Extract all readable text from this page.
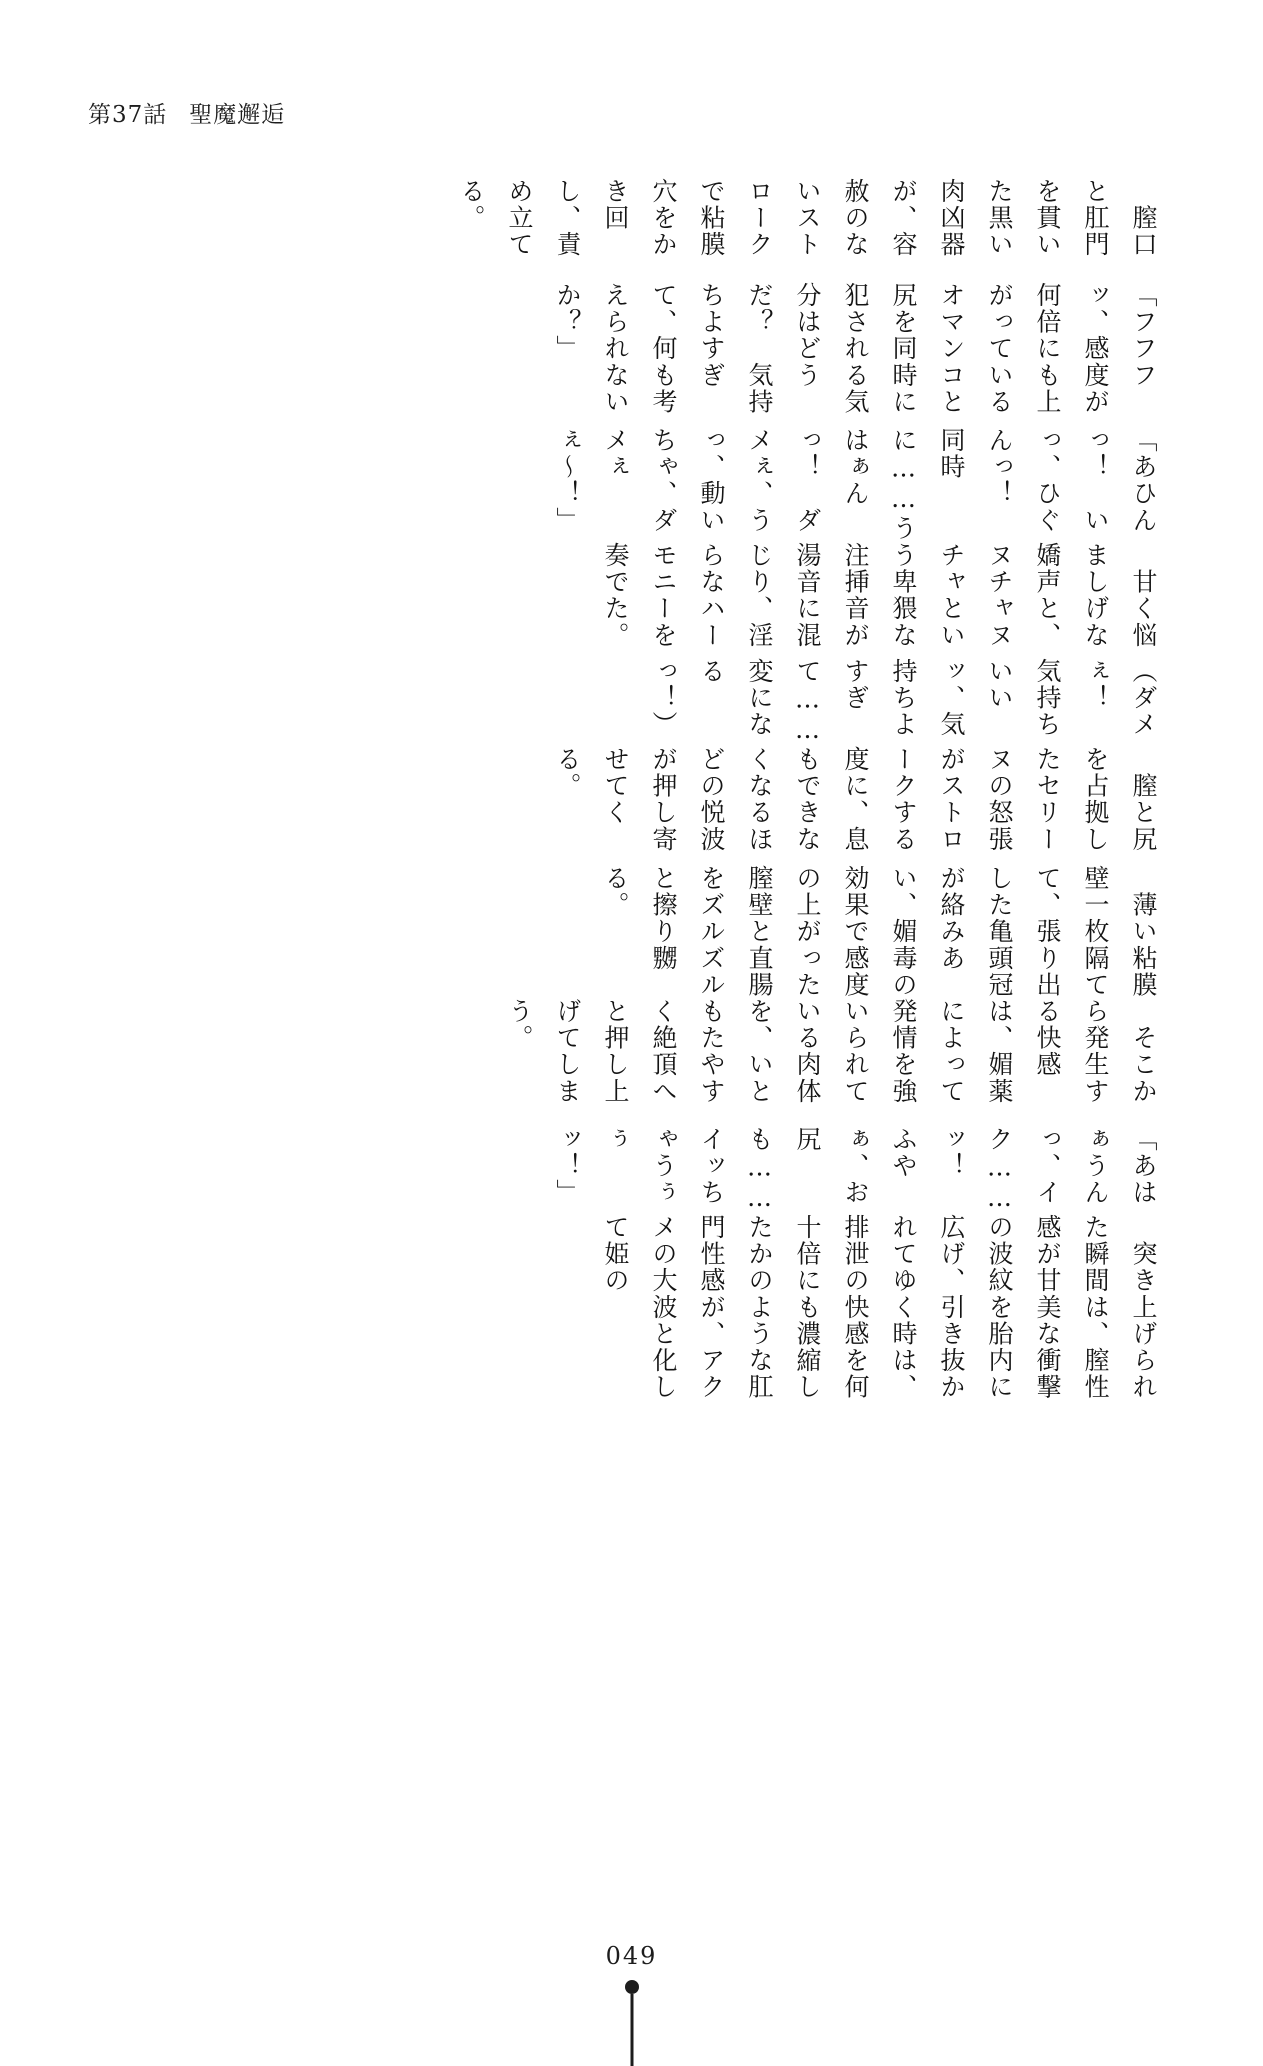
第37話 聖魔邂逅

　膣口と肛門を貫いた黒い肉凶器が、容赦のないストロークで粘膜穴をかき回し、責め立てる。

「フフフッ、感度が何倍にも上がっているオマンコと尻を同時に犯される気分はどうだ？　気持ちよすぎて、何も考えられないか？」

「あひんっ！　いっ、ひぐんっ！　同時に……うはぁんっ！　ダメぇ、うっ、動いちゃ、ダメぇぇ〜！」

　甘く悩ましげな嬌声と、ヌチャヌチャという卑猥な注挿音が湯音に混じり、淫らなハーモニーを奏でた。

（ダメぇ！　気持ちいいッ、気持ちよすぎて……変になるっ！）

　膣と尻を占拠したセリーヌの怒張がストロークする度に、息もできなくなるほどの悦波が押し寄せてくる。

　薄い粘膜壁一枚隔てて、張り出した亀頭冠が絡みあい、媚毒の効果で感度の上がった膣壁と直腸をズルズルと擦り嬲る。

　そこから発生する快感は、媚薬によって発情を強いられている肉体を、いともたやすく絶頂へと押し上げてしまう。

「あはぁうんっ、イク……ッ！　ふやぁ、お尻も……イッちゃうぅぅッ！」

　突き上げられた瞬間は、膣性感が甘美な衝撃の波紋を胎内に広げ、引き抜かれてゆく時は、排泄の快感を何十倍にも濃縮したかのような肛門性感が、アクメの大波と化して姫の

049
